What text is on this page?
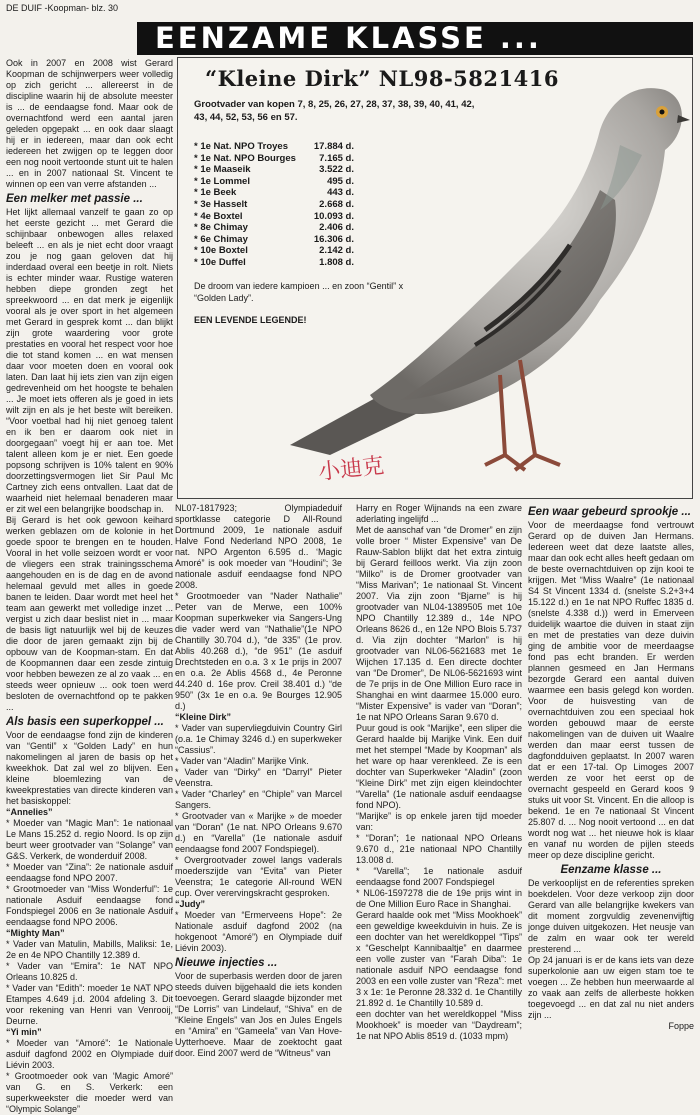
DE DUIF -Koopman- blz. 30
EENZAME KLASSE ...

Ook in 2007 en 2008 wist Gerard Koopman de schijnwerpers weer volledig op zich gericht ... allereerst in de discipline waarin hij de absolute meester is ... de eendaagse fond. Maar ook de overnachtfond werd een aantal jaren geleden opgepakt ... en ook daar slaagt hij er in iedereen, maar dan ook echt iedereen het zwijgen op te leggen door een nog nooit vertoonde stunt uit te halen ... en in 2007 nationaal St. Vincent te winnen op een van verre afstanden ...

Een melker met passie ...

Het lijkt allemaal vanzelf te gaan zo op het eerste gezicht ... met Gerard die schijnbaar onbewogen alles relaxed beleeft ... en als je niet echt door vraagt zou je nog gaan geloven dat hij inderdaad overal een beetje in rolt. Niets is echter minder waar. Rustige wateren hebben diepe gronden zegt het spreekwoord ... en dat merk je eigenlijk vooral als je over sport in het algemeen met Gerard in gesprek komt ... dan blijkt zijn grote waardering voor grote prestaties en vooral het respect voor hoe die tot stand komen ... en wat mensen daar voor moeten doen en vooral ook laten. Dan laat hij iets zien van zijn eigen gedrevenheid om het hoogste te behalen ... Je moet iets offeren als je goed in iets wilt zijn en als je het beste wilt bereiken. “Voor voetbal had hij niet genoeg talent en ik ben er daarom ook niet in doorgegaan” voegt hij er aan toe. Met talent alleen kom je er niet. Een goede popsong schrijven is 10% talent en 90% doorzettingsvermogen liet Sir Paul Mc Cartney zich eens ontvallen. Laat dat de waarheid niet helemaal benaderen maar er zit wel een belangrijke boodschap in.

Bij Gerard is het ook gewoon keihard werken geblazen om de kolonie in het goede spoor te brengen en te houden. Vooral in het volle seizoen wordt er voor de vliegers een strak trainingsschema aangehouden en is de dag en de avond helemaal gevuld met alles in goede banen te leiden. Daar wordt met heel het team aan gewerkt met volledige inzet ... vergist u zich daar beslist niet in ... maar de basis ligt natuurlijk wel bij de keuzes die door de jaren gemaakt zijn bij de opbouw van de Koopman-stam. En dat de Koopmannen daar een zesde zintuig voor hebben bewezen ze al zo vaak ... en steeds weer opnieuw ... ook toen werd besloten de overnachtfond op te pakken ...

Als basis een superkoppel ...

Voor de eendaagse fond zijn de kinderen van “Gentil” x “Golden Lady” en hun nakomelingen al jaren de basis op het kweekhok. Dat zal wel zo blijven. Een kleine bloemlezing van de kweekprestaties van directe kinderen van het basiskoppel:

“Annelies”

* Moeder van “Magic Man”: 1e nationaal Le Mans 15.252 d. regio Noord. Is op zijn beurt weer grootvader van “Solange” van G&S. Verkerk, de wonderduif 2008.

* Moeder van “Zina”: 2e nationale asduif eendaagse fond NPO 2007.

* Grootmoeder van “Miss Wonderful”: 1e nationale Asduif eendaagse fond Fondspiegel 2006 en 3e nationale Asduif eendaagse fond NPO 2006.

“Mighty Man”

* Vader van Matulin, Mabills, Maliksi: 1e, 2e en 4e NPO Chantilly 12.389 d.

* Vader van “Emira”: 1e NAT NPO Orleans 10.825 d.

* Vader van “Edith”: moeder 1e NAT NPO Etampes 4.649 j.d. 2004 afdeling 3. Dit voor rekening van Henri van Venrooij, Deurne.

“Yi min”

* Moeder van “Amoré”: 1e Nationale asduif dagfond 2002 en Olympiade duif Liévin 2003.

* Grootmoeder ook van ‘Magic Amoré” van G. en S. Verkerk: een superkweekster die moeder werd van “Olympic Solange”

“Kleine Dirk” NL98-5821416
Grootvader van kopen 7, 8, 25, 26, 27, 28, 37, 38, 39, 40, 41, 42, 43, 44, 52, 53, 56 en 57.
* 1e Nat. NPO Troyes	17.884 d.
* 1e Nat. NPO Bourges 7.165 d.
* 1e Maaseik	3.522 d.
* 1e Lommel	495 d.
* 1e Beek	443 d.
* 3e Hasselt	2.668 d.
* 4e Boxtel	10.093 d.
* 8e Chimay	2.406 d.
* 6e Chimay	16.306 d.
* 10e Boxtel	2.142 d.
* 10e Duffel	1.808 d.
De droom van iedere kampioen ... en zoon “Gentil” x “Golden Lady”.
EEN LEVENDE LEGENDE!
小迪克

NL07-1817923; Olympiadeduif sportklasse categorie D All-Round Dortmund 2009, 1e nationale asduif Halve Fond Nederland NPO 2008, 1e nat. NPO Argenton 6.595 d.. ‘Magic Amoré” is ook moeder van “Houdini”; 3e nationale asduif eendaagse fond NPO 2008.

* Grootmoeder van “Nader Nathalie” Peter van de Merwe, een 100% Koopman superkweker via Sangers-Ung die vader werd van “Nathalie”(1e NPO Chantilly 30.704 d.), “de 335” (1e prov. Ablis 40.268 d.), “de 951” (1e asduif Drechtsteden en o.a. 3 x 1e prijs in 2007 en o.a. 2e Ablis 4568 d., 4e Peronne 44.240 d. 16e prov. Creil 38.401 d.) “de 950” (3x 1e en o.a. 9e Bourges 12.905 d.)

“Kleine Dirk”

* Vader van supervliegduivin Country Girl (o.a. 1e Chimay 3246 d.) en superkweker “Cassius”.

* Vader van “Aladin” Marijke Vink.

* Vader van “Dirky” en “Darryl” Pieter Veenstra.

* Vader “Charley” en “Chiple” van Marcel Sangers.

* Grootvader van « Marijke » de moeder van “Doran” (1e nat. NPO Orleans 9.670 d.) en “Varella” (1e nationale asduif eendaagse fond 2007 Fondspiegel).

* Overgrootvader zowel langs vaderals moederszijde van “Evita” van Pieter Veenstra; 1e categorie All-round WEN cup. Over verervingskracht gesproken.

“Judy”

* Moeder van “Ermerveens Hope”: 2e Nationale asduif dagfond 2002 (na hokgenoot “Amoré”) en Olympiade duif Liévin 2003).

Nieuwe injecties ...

Voor de superbasis werden door de jaren steeds duiven bijgehaald die iets konden toevoegen. Gerard slaagde bijzonder met “De Lorris” van Lindelauf, “Shiva” en de “Kleine Engels” van Jos en Jules Engels en “Amira” en “Gameela” van Van Hove-Uytterhoeve. Maar de zoektocht gaat door. Eind 2007 werd de “Witneus” van

Harry en Roger Wijnands na een zware aderlating ingelijfd ...

Met de aanschaf van “de Dromer” en zijn volle broer “ Mister Expensive” van De Rauw-Sablon blijkt dat het extra zintuig bij Gerard feilloos werkt. Via zijn zoon “Milko” is de Dromer grootvader van “Miss Marivan”; 1e nationaal St. Vincent 2007. Via zijn zoon “Bjarne” is hij grootvader van NL04-1389505 met 10e NPO Chantilly 12.389 d., 14e NPO Orleans 8626 d., en 12e NPO Blois 5.737 d. Via zijn dochter “Marlon” is hij grootvader van NL06-5621683 met 1e Wijchen 17.135 d. Een directe dochter van “De Dromer”, De NL06-5621693 wint de 7e prijs in de One Million Euro race in Shanghai en wint daarmee 15.000 euro. “Mister Expensive” is vader van “Doran”; 1e nat NPO Orleans Saran 9.670 d.

Puur goud is ook “Marijke”, een sliper die Gerard haalde bij Marijke Vink. Een duif met het stempel “Made by Koopman” als het ware op haar verenkleed. Ze is een dochter van Superkweker “Aladin” (zoon “Kleine Dirk” met zijn eigen kleindochter “Varella” (1e nationale asduif eendaagse fond NPO).

“Marijke” is op enkele jaren tijd moeder van:

* “Doran”; 1e nationaal NPO Orleans 9.670 d., 21e nationaal NPO Chantilly 13.008 d.

* “Varella”; 1e nationale asduif eendaagse fond 2007 Fondspiegel

* NL06-1597278 die de 19e prijs wint in de One Million Euro Race in Shanghai.

Gerard haalde ook met “Miss Mookhoek” een geweldige kweekduivin in huis. Ze is een dochter van het wereldkoppel “Tips” x “Geschelpt Kannibaaltje” en daarmee een volle zuster van “Farah Diba”: 1e nationale asduif NPO eendaagse fond 2003 en een volle zuster van “Reza”: met 3 x 1e: 1e Peronne 28.332 d. 1e Chantilly 21.892 d. 1e Chantilly 10.589 d.

een dochter van het wereldkoppel “Miss Mookhoek” is moeder van “Daydream”; 1e nat NPO Ablis 8519 d. (1033 mpm)

Een waar gebeurd sprookje ...

Voor de meerdaagse fond vertrouwt Gerard op de duiven Jan Hermans. Iedereen weet dat deze laatste alles, maar dan ook echt alles heeft gedaan om de beste overnachtduiven op zijn kooi te krijgen. Met “Miss Waalre” (1e nationaal S4 St Vincent 1334 d. (snelste S.2+3+4 15.122 d.) en 1e nat NPO Ruffec 1835 d. (snelste 4.338 d.)) werd in Emerveen duidelijk waartoe die duiven in staat zijn en met de prestaties van deze duivin ging de ambitie voor de meerdaagse fond pas echt branden. Er werden plannen gesmeed en Jan Hermans bezorgde Gerard een aantal duiven waarmee een basis gelegd kon worden. Voor de huisvesting van de overnachtduiven zou een speciaal hok worden gebouwd maar de eerste nakomelingen van de duiven uit Waalre werden dan maar eerst tussen de dagfondduiven geplaatst. In 2007 waren dat er een 17-tal. Op Limoges 2007 werden ze voor het eerst op de overnacht gespeeld en Gerard koos 9 stuks uit voor St. Vincent. En die alloop is bekend. 1e en 7e nationaal St Vincent 25.807 d. ... Nog nooit vertoond ... en dat wordt nog wat ... het nieuwe hok is klaar en vanaf nu worden de pijlen steeds meer op deze discipline gericht.

Eenzame klasse ...

De verkooplijst en de referenties spreken boekdelen. Voor deze verkoop zijn door Gerard van alle belangrijke kwekers van dit moment zorgvuldig zevenenvijftig jonge duiven uitgekozen. Het neusje van de zalm en waar ook ter wereld presterend ...

Op 24 januari is er de kans iets van deze superkolonie aan uw eigen stam toe te voegen ... Ze hebben hun meerwaarde al zo vaak aan zelfs de allerbeste hokken toegevoegd ... en dat zal nu niet anders zijn ...

Foppe
